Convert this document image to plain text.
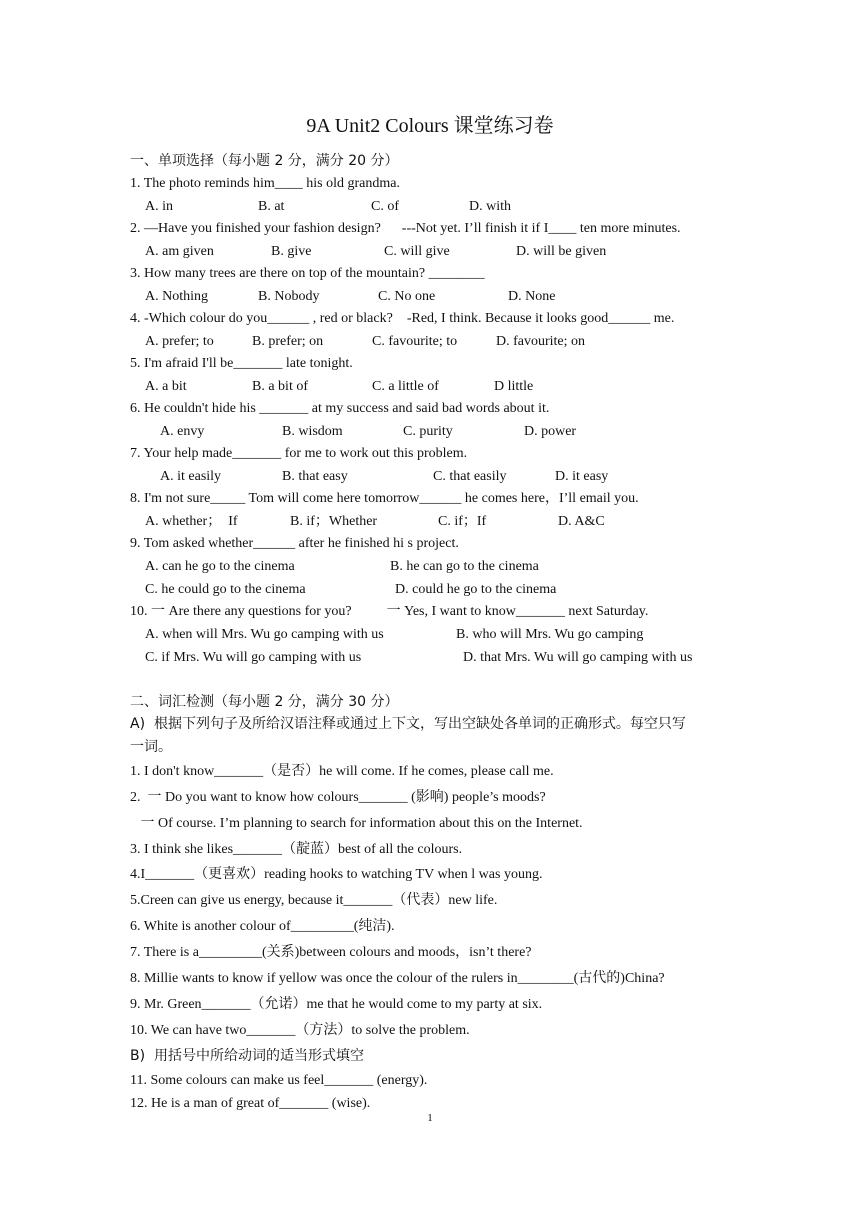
9A Unit2 Colours 课堂练习卷
一、单项选择（每小题 2 分，满分 20 分）
1. The photo reminds him____ his old grandma.
A. in	B. at	C. of	D. with
2. —Have you finished your fashion design?      ---Not yet. I’ll finish it if I____ ten more minutes.
A. am given	B. give	C. will give	D. will be given
3. How many trees are there on top of the mountain? ________
A. Nothing	B. Nobody	C. No one	D. None
4. -Which colour do you______ , red or black?    -Red, I think. Because it looks good______ me.
A. prefer; to	B. prefer; on	C. favourite; to	D. favourite; on
5. I'm afraid I'll be_______ late tonight.
A. a bit	B. a bit of	C. a little of	D little
6. He couldn't hide his _______ at my success and said bad words about it.
A. envy	B. wisdom	C. purity	D. power
7. Your help made_______ for me to work out this problem.
A. it easily	B. that easy	C. that easily	D. it easy
8. I'm not sure_____ Tom will come here tomorrow______ he comes here，I’ll email you.
A. whether；  If	B. if；Whether	C. if；If	D. A&C
9. Tom asked whether______ after he finished hi s project.
A. can he go to the cinema	B. he can go to the cinema
C. he could go to the cinema	D. could he go to the cinema
10. 一 Are there any questions for you?          一 Yes, I want to know_______ next Saturday.
A. when will Mrs. Wu go camping with us	B. who will Mrs. Wu go camping
C. if Mrs. Wu will go camping with us	D. that Mrs. Wu will go camping with us
二、词汇检测（每小题 2 分，满分 30 分）
A)  根据下列句子及所给汉语注释或通过上下文，写出空缺处各单词的正确形式。每空只写
一词。
1. I don't know_______（是否）he will come. If he comes, please call me.
2.  一 Do you want to know how colours_______ (影响) people’s moods?
一 Of course. I’m planning to search for information about this on the Internet.
3. I think she likes_______（靛蓝）best of all the colours.
4.I_______（更喜欢）reading hooks to watching TV when l was young.
5.Creen can give us energy, because it_______（代表）new life.
6. White is another colour of_________(纯洁).
7. There is a_________(关系)between colours and moods，isn’t there?
8. Millie wants to know if yellow was once the colour of the rulers in________(古代的)China?
9. Mr. Green_______（允诺）me that he would come to my party at six.
10. We can have two_______（方法）to solve the problem.
B)  用括号中所给动词的适当形式填空
11. Some colours can make us feel_______ (energy).
12. He is a man of great of_______ (wise).
1
